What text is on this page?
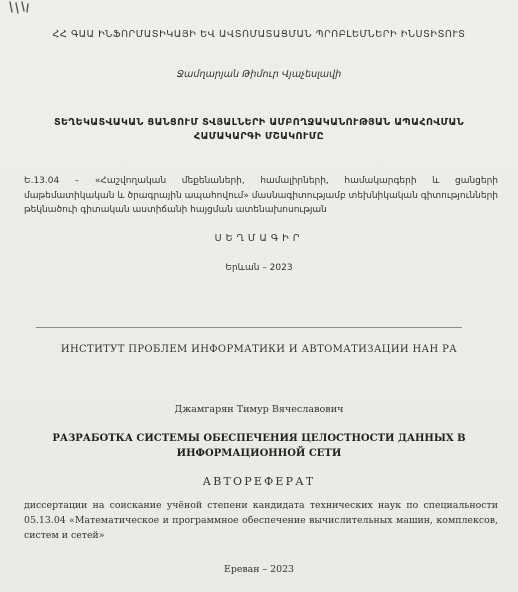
ՀՀ ԳԱԱ ԻՆՖՈՐՄԱՏԻԿԱՅԻ ԵՎ ԱՎՏՈՄԱՏԱՑՄԱՆ ՊՐՈԲԼԵՄՆԵՐԻ ԻՆՍՏԻՏՈՒՏ
Ջամղարյան Թիմուր Վյաչեսլավի
ՏԵՂԵԿԱՏՎԱԿԱՆ ՑԱՆՑՈՒՄ ՏՎՅԱԼՆԵՐԻ ԱՄԲՈՂՋԱԿԱՆՈՒԹՅԱՆ ԱՊԱՀՈՎՄԱՆ
ՀԱՄԱԿԱՐԳԻ ՄՇԱԿՈՒՄԸ
Ե.13.04 – «Հաշվողական մեքենաների, համալիրների, համակարգերի և ցանցերի մաթեմատիկական և ծրագրային ապահովում» մասնագիտությամբ տեխնիկական գիտությունների թեկնածուի գիտական աստիճանի հայցման ատենախոսության
ՍԵՂՄԱԳԻՐ
Երևան – 2023
ИНСТИТУТ ПРОБЛЕМ ИНФОРМАТИКИ И АВТОМАТИЗАЦИИ НАН РА
Джамгарян Тимур Вячеславович
РАЗРАБОТКА СИСТЕМЫ ОБЕСПЕЧЕНИЯ ЦЕЛОСТНОСТИ ДАННЫХ В
ИНФОРМАЦИОННОЙ СЕТИ
АВТОРЕФЕРАТ
диссертации на соискание учёной степени кандидата технических наук по специальности 05.13.04 «Математическое и программное обеспечение вычислительных машин, комплексов, систем и сетей»
Ереван – 2023
